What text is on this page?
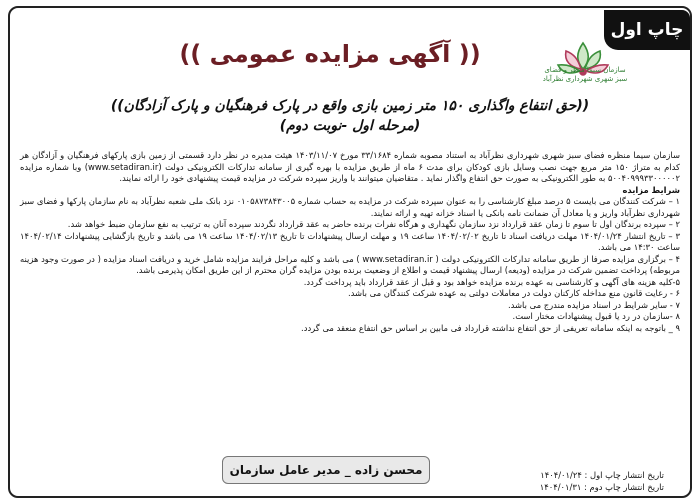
چاپ اول
سازمان سیما منظر و فضای سبز شهری شهرداری نظرآباد
(( آگهی مزایده عمومی ))
((حق انتفاع واگذاری ۱۵۰ متر زمین بازی واقع در پارک فرهنگیان و پارک آزادگان))
(مرحله اول -نوبت دوم)

سازمان سیما منظره فضای سبز شهری شهرداری نظرآباد به استناد مصوبه شماره ۳۳/۱۶۸۴ مورخ ۱۴۰۳/۱۱/۰۷ هیئت مدیره در نظر دارد قسمتی از زمین بازی پارکهای فرهنگیان و آزادگان هر کدام به متراژ ۱۵۰ متر مربع جهت نصب وسایل بازی کودکان برای مدت ۶ ماه از طریق مزایده با بهره گیری از سامانه تدارکات الکترونیکی دولت (www.setadiran.ir) وبا شماره مزایده ۵۰۰۴۰۹۹۹۳۳۰۰۰۰۰۲ به طور الکترونیکی به صورت حق انتفاع واگذار نماید . متقاضیان میتوانند با واریز سپرده شرکت در مزایده قیمت پیشنهادی خود را ارائه نمایند.

شرایط مزایده

۱ – شرکت کنندگان می بایست ۵ درصد مبلغ کارشناسی را به عنوان سپرده شرکت در مزایده به حساب شماره ۰۱۰۵۸۷۳۸۴۳۰۰۵ نزد بانک ملی شعبه نظرآباد به نام سازمان پارکها و فضای سبز شهرداری نظرآباد واریز و یا معادل آن ضمانت نامه بانکی یا اسناد خزانه تهیه و ارائه نمایند.

۲ – سپرده برندگان اول تا سوم تا زمان عقد قرارداد نزد سازمان نگهداری و هرگاه نفرات برنده حاضر به عقد قرارداد نگردند سپرده آنان به ترتیب به نفع سازمان ضبط خواهد شد.

۳ – تاریخ انتشار ۱۴۰۴/۰۱/۲۴ مهلت دریافت اسناد تا تاریخ ۱۴۰۴/۰۲/۰۲ ساعت ۱۹ و مهلت ارسال پیشنهادات تا تاریخ ۱۴۰۴/۰۲/۱۳ ساعت ۱۹ می باشد و تاریخ بازگشایی پیشنهادات ۱۴۰۴/۰۲/۱۴ ساعت ۱۴:۳۰ می باشد.

۴ – برگزاری مزایده صرفا از طریق سامانه تدارکات الکترونیکی دولت ( www.setadiran.ir ) می باشد و کلیه مراحل فرایند مزایده شامل خرید و دریافت اسناد مزایده ( در صورت وجود هزینه مربوطه) پرداخت تضمین شرکت در مزایده (ودیعه) ارسال پیشنهاد قیمت و اطلاع از وضعیت برنده بودن مزایده گران محترم از این طریق امکان پذیرمی باشد.

۵-کلیه هزینه های آگهی و کارشناسی به عهده برنده مزایده خواهد بود و قبل از عقد قرارداد باید پرداخت گردد.

۶ - رعایت قانون منع مداخله کارکنان دولت در معاملات دولتی به عهده شرکت کنندگان می باشد.

۷ - سایر شرایط در اسناد مزایده مندرج می باشد.

۸ -سازمان در رد یا قبول پیشنهادات مختار است.

۹ _ باتوجه به اینکه سامانه تعریفی از حق انتفاع نداشته قرارداد فی مابین بر اساس حق انتفاع منعقد می گردد.

تاریخ انتشار چاپ اول : ۱۴۰۴/۰۱/۲۴
تاریخ انتشار چاپ دوم : ۱۴۰۴/۰۱/۳۱
محسن زاده _ مدیر عامل سازمان
